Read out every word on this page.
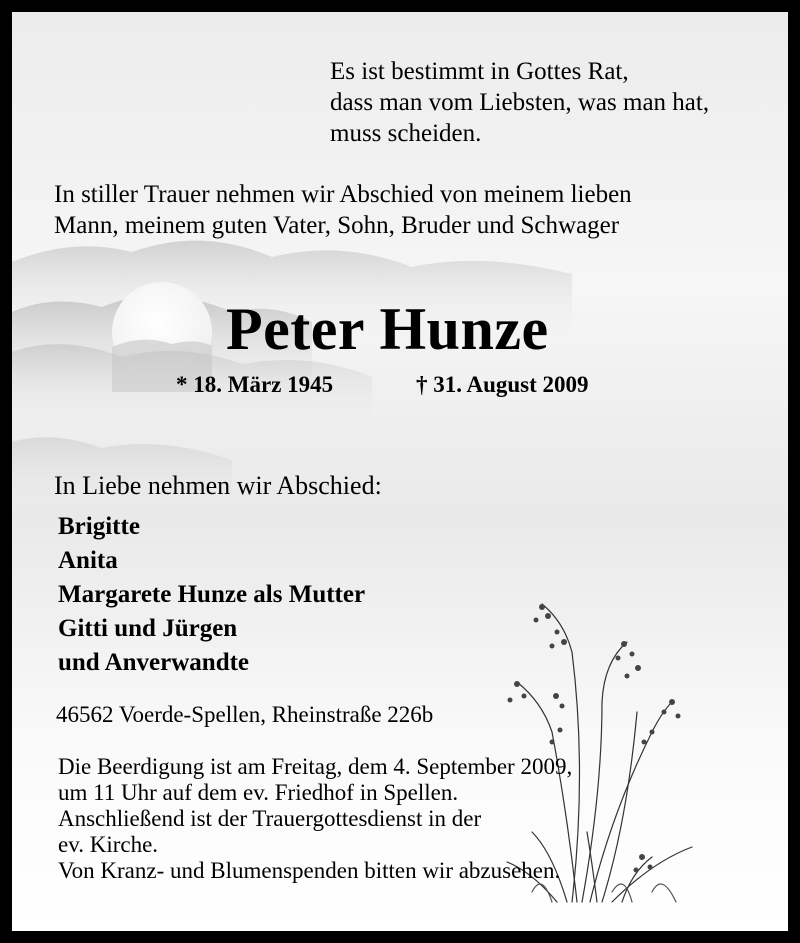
Es ist bestimmt in Gottes Rat,
dass man vom Liebsten, was man hat,
muss scheiden.
In stiller Trauer nehmen wir Abschied von meinem lieben
Mann, meinem guten Vater, Sohn, Bruder und Schwager
Peter Hunze
* 18. März 1945	† 31. August 2009
In Liebe nehmen wir Abschied:
Brigitte
Anita
Margarete Hunze als Mutter
Gitti und Jürgen
und Anverwandte
46562 Voerde-Spellen, Rheinstraße 226b
Die Beerdigung ist am Freitag, dem 4. September 2009,
um 11 Uhr auf dem ev. Friedhof in Spellen.
Anschließend ist der Trauergottesdienst in der
ev. Kirche.
Von Kranz- und Blumenspenden bitten wir abzusehen.
